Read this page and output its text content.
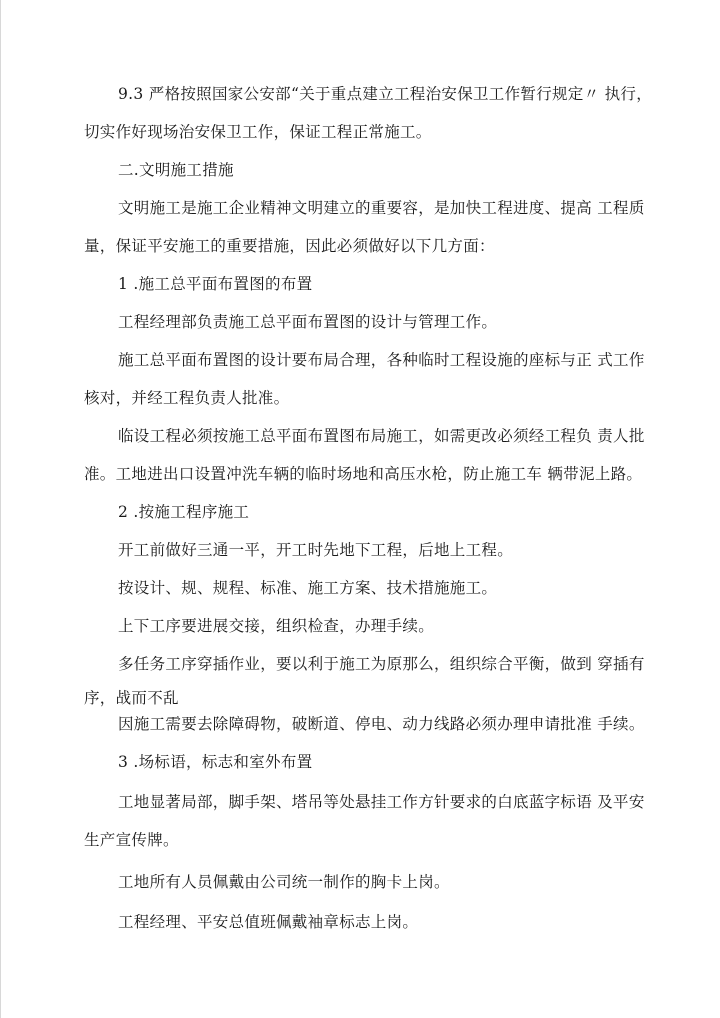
9.3 严格按照国家公安部“关于重点建立工程治安保卫工作暂行规定〃 执行，
切实作好现场治安保卫工作，保证工程正常施工。
二.文明施工措施
文明施工是施工企业精神文明建立的重要容，是加快工程进度、提高 工程质
量，保证平安施工的重要措施，因此必须做好以下几方面：
1 .施工总平面布置图的布置
工程经理部负责施工总平面布置图的设计与管理工作。
施工总平面布置图的设计要布局合理，各种临时工程设施的座标与正 式工作
核对，并经工程负责人批准。
临设工程必须按施工总平面布置图布局施工，如需更改必须经工程负 责人批
准。工地进出口设置冲洗车辆的临时场地和高压水枪，防止施工车 辆带泥上路。
2 .按施工程序施工
开工前做好三通一平，开工时先地下工程，后地上工程。
按设计、规、规程、标准、施工方案、技术措施施工。
上下工序要进展交接，组织检查，办理手续。
多任务工序穿插作业，要以利于施工为原那么，组织综合平衡，做到 穿插有
序，战而不乱
因施工需要去除障碍物，破断道、停电、动力线路必须办理申请批准 手续。
3 .场标语，标志和室外布置
工地显著局部，脚手架、塔吊等处悬挂工作方针要求的白底蓝字标语 及平安
生产宣传牌。
工地所有人员佩戴由公司统一制作的胸卡上岗。
工程经理、平安总值班佩戴袖章标志上岗。
